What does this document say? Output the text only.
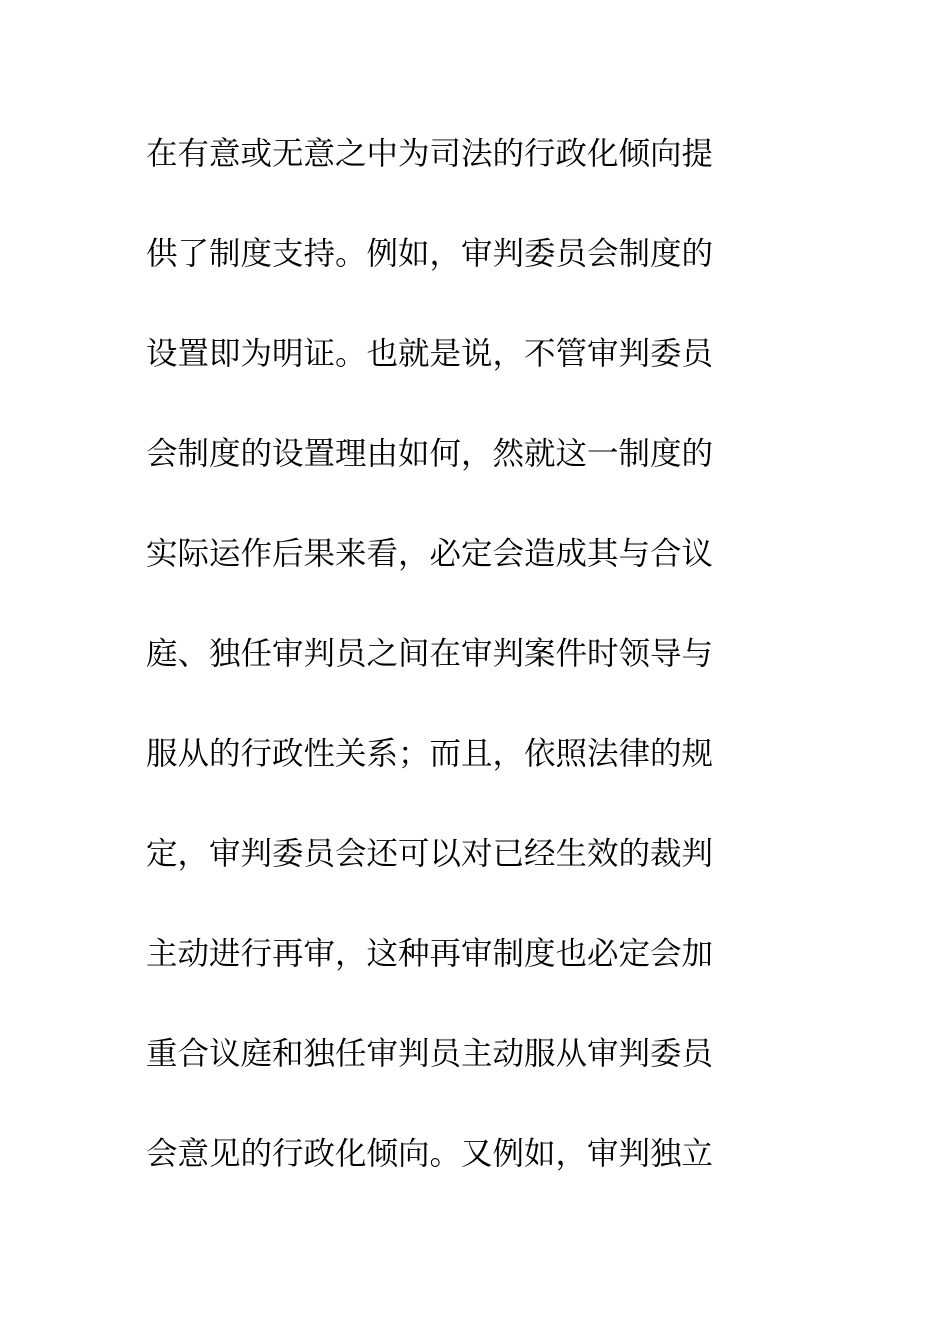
在有意或无意之中为司法的行政化倾向提
供了制度支持。例如，审判委员会制度的
设置即为明证。也就是说，不管审判委员
会制度的设置理由如何，然就这一制度的
实际运作后果来看，必定会造成其与合议
庭、独任审判员之间在审判案件时领导与
服从的行政性关系；而且，依照法律的规
定，审判委员会还可以对已经生效的裁判
主动进行再审，这种再审制度也必定会加
重合议庭和独任审判员主动服从审判委员
会意见的行政化倾向。又例如，审判独立
